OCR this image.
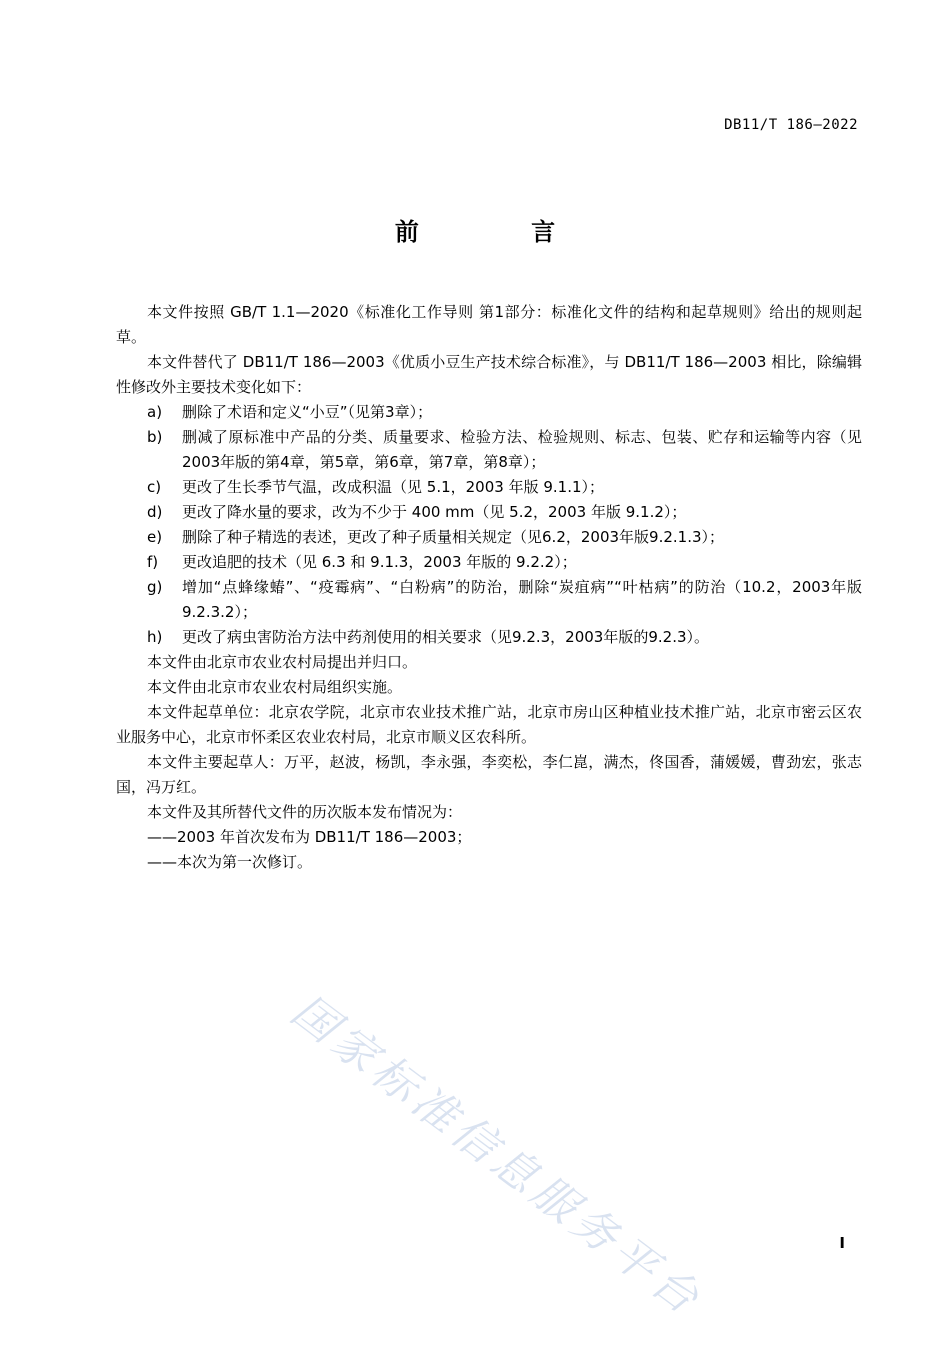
DB11/T 186—2022
前 言

本文件按照 GB/T 1.1—2020《标准化工作导则 第1部分：标准化文件的结构和起草规则》给出的规则起草。

本文件替代了 DB11/T 186—2003《优质小豆生产技术综合标准》，与 DB11/T 186—2003 相比，除编辑性修改外主要技术变化如下：

a) 删除了术语和定义“小豆”（见第3章）；
b) 删减了原标准中产品的分类、质量要求、检验方法、检验规则、标志、包装、贮存和运输等内容（见2003年版的第4章，第5章，第6章，第7章，第8章）；
c) 更改了生长季节气温，改成积温（见 5.1，2003 年版 9.1.1）；
d) 更改了降水量的要求，改为不少于 400 mm（见 5.2，2003 年版 9.1.2）；
e) 删除了种子精选的表述，更改了种子质量相关规定（见6.2，2003年版9.2.1.3）；
f) 更改追肥的技术（见 6.3 和 9.1.3，2003 年版的 9.2.2）；
g) 增加“点蜂缘蝽”、“疫霉病”、“白粉病”的防治，删除“炭疽病”“叶枯病”的防治（10.2，2003年版 9.2.3.2）；
h) 更改了病虫害防治方法中药剂使用的相关要求（见9.2.3，2003年版的9.2.3）。

本文件由北京市农业农村局提出并归口。

本文件由北京市农业农村局组织实施。

本文件起草单位：北京农学院，北京市农业技术推广站，北京市房山区种植业技术推广站，北京市密云区农业服务中心，北京市怀柔区农业农村局，北京市顺义区农科所。

本文件主要起草人：万平，赵波，杨凯，李永强，李奕松，李仁崑，满杰，佟国香，蒲媛媛，曹劲宏，张志国，冯万红。

本文件及其所替代文件的历次版本发布情况为：

——2003 年首次发布为 DB11/T 186—2003；

——本次为第一次修订。

国家标准信息服务平台	I
